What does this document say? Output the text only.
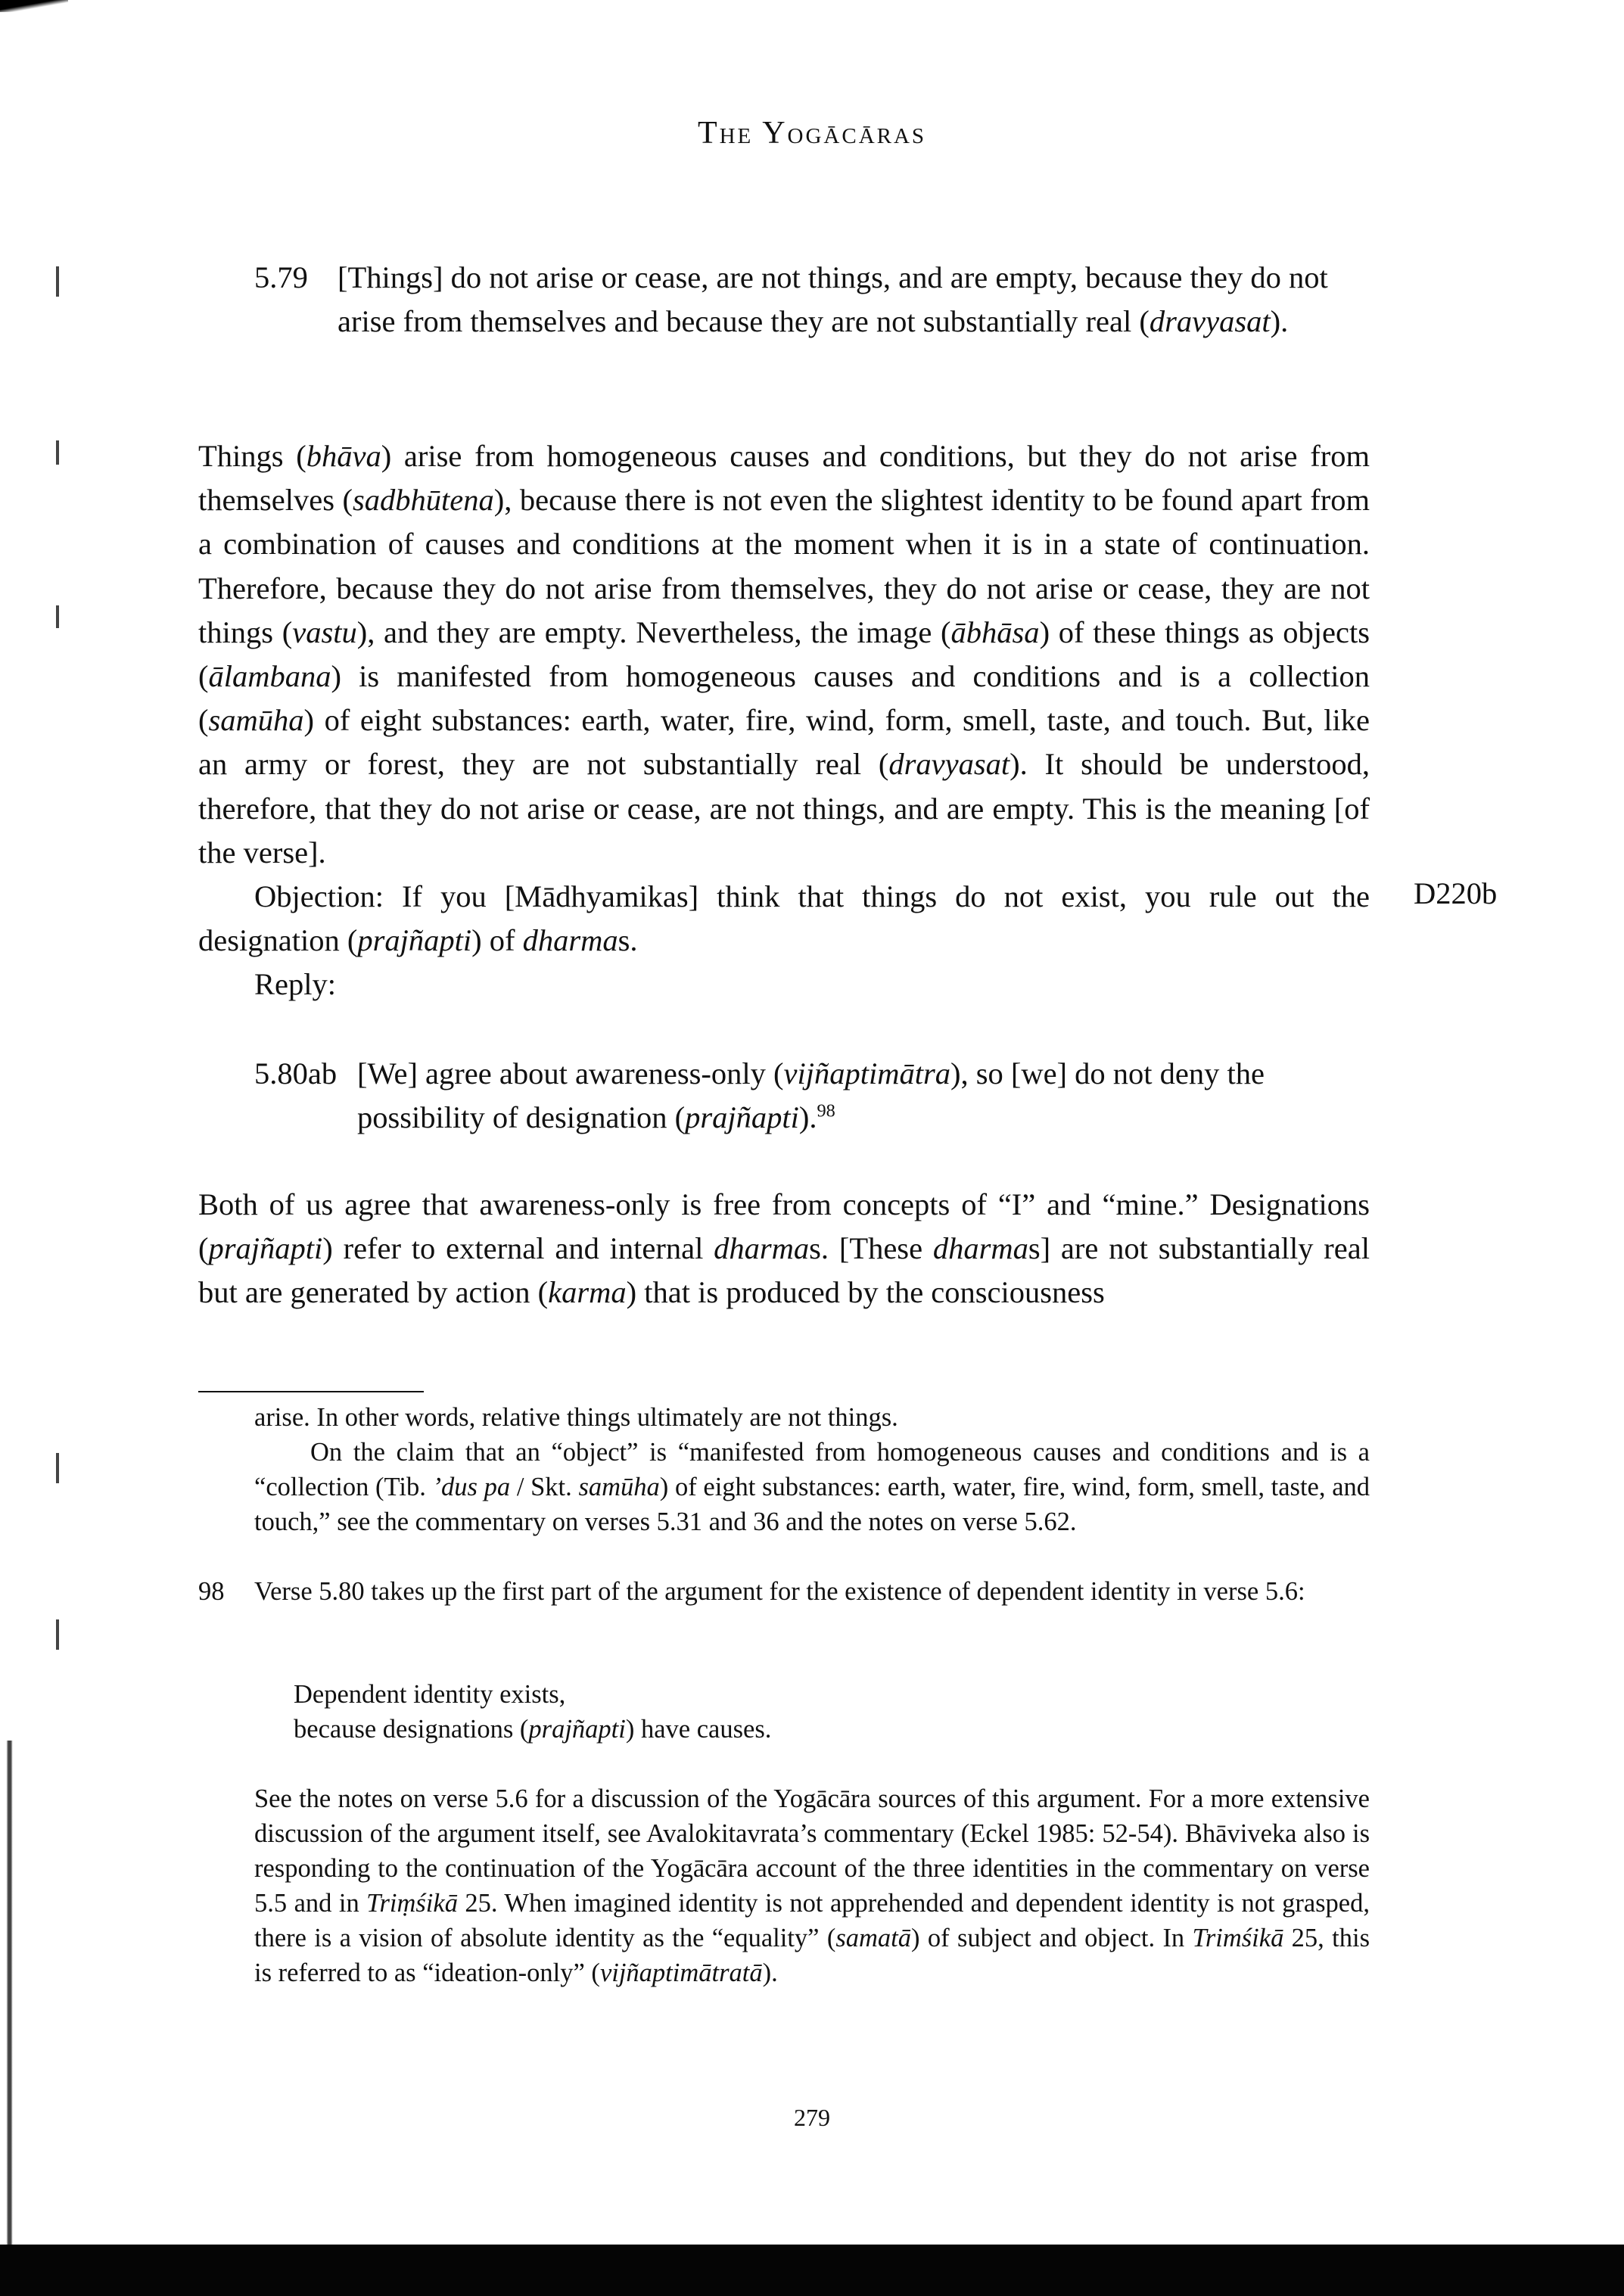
The Yogācāras
5.79 [Things] do not arise or cease, are not things, and are empty, because they do not arise from themselves and because they are not substantially real (dravyasat).

Things (bhāva) arise from homogeneous causes and conditions, but they do not arise from themselves (sadbhūtena), because there is not even the slightest identity to be found apart from a combination of causes and conditions at the moment when it is in a state of continuation. Therefore, because they do not arise from themselves, they do not arise or cease, they are not things (vastu), and they are empty. Nevertheless, the image (ābhāsa) of these things as objects (ālambana) is manifested from homogeneous causes and conditions and is a collection (samūha) of eight substances: earth, water, fire, wind, form, smell, taste, and touch. But, like an army or forest, they are not substantially real (dravyasat). It should be understood, therefore, that they do not arise or cease, are not things, and are empty. This is the meaning [of the verse].

Objection: If you [Mādhyamikas] think that things do not exist, you rule out the designation (prajñapti) of dharmas.

D220b

Reply:

5.80ab [We] agree about awareness-only (vijñaptimātra), so [we] do not deny the possibility of designation (prajñapti).$^{98}$

Both of us agree that awareness-only is free from concepts of “I” and “mine.” Designations (prajñapti) refer to external and internal dharmas. [These dharmas] are not substantially real but are generated by action (karma) that is produced by the consciousness

arise. In other words, relative things ultimately are not things.

On the claim that an “object” is “manifested from homogeneous causes and conditions and is a “collection (Tib. ’dus pa / Skt. samūha) of eight substances: earth, water, fire, wind, form, smell, taste, and touch,” see the commentary on verses 5.31 and 36 and the notes on verse 5.62.

98 Verse 5.80 takes up the first part of the argument for the existence of dependent identity in verse 5.6:

Dependent identity exists,
because designations (prajñapti) have causes.

See the notes on verse 5.6 for a discussion of the Yogācāra sources of this argument. For a more extensive discussion of the argument itself, see Avalokitavrata’s commentary (Eckel 1985: 52-54). Bhāviveka also is responding to the continuation of the Yogācāra account of the three identities in the commentary on verse 5.5 and in Triṃśikā 25. When imagined identity is not apprehended and dependent identity is not grasped, there is a vision of absolute identity as the “equality” (samatā) of subject and object. In Trimśikā 25, this is referred to as “ideation-only” (vijñaptimātratā).

279
